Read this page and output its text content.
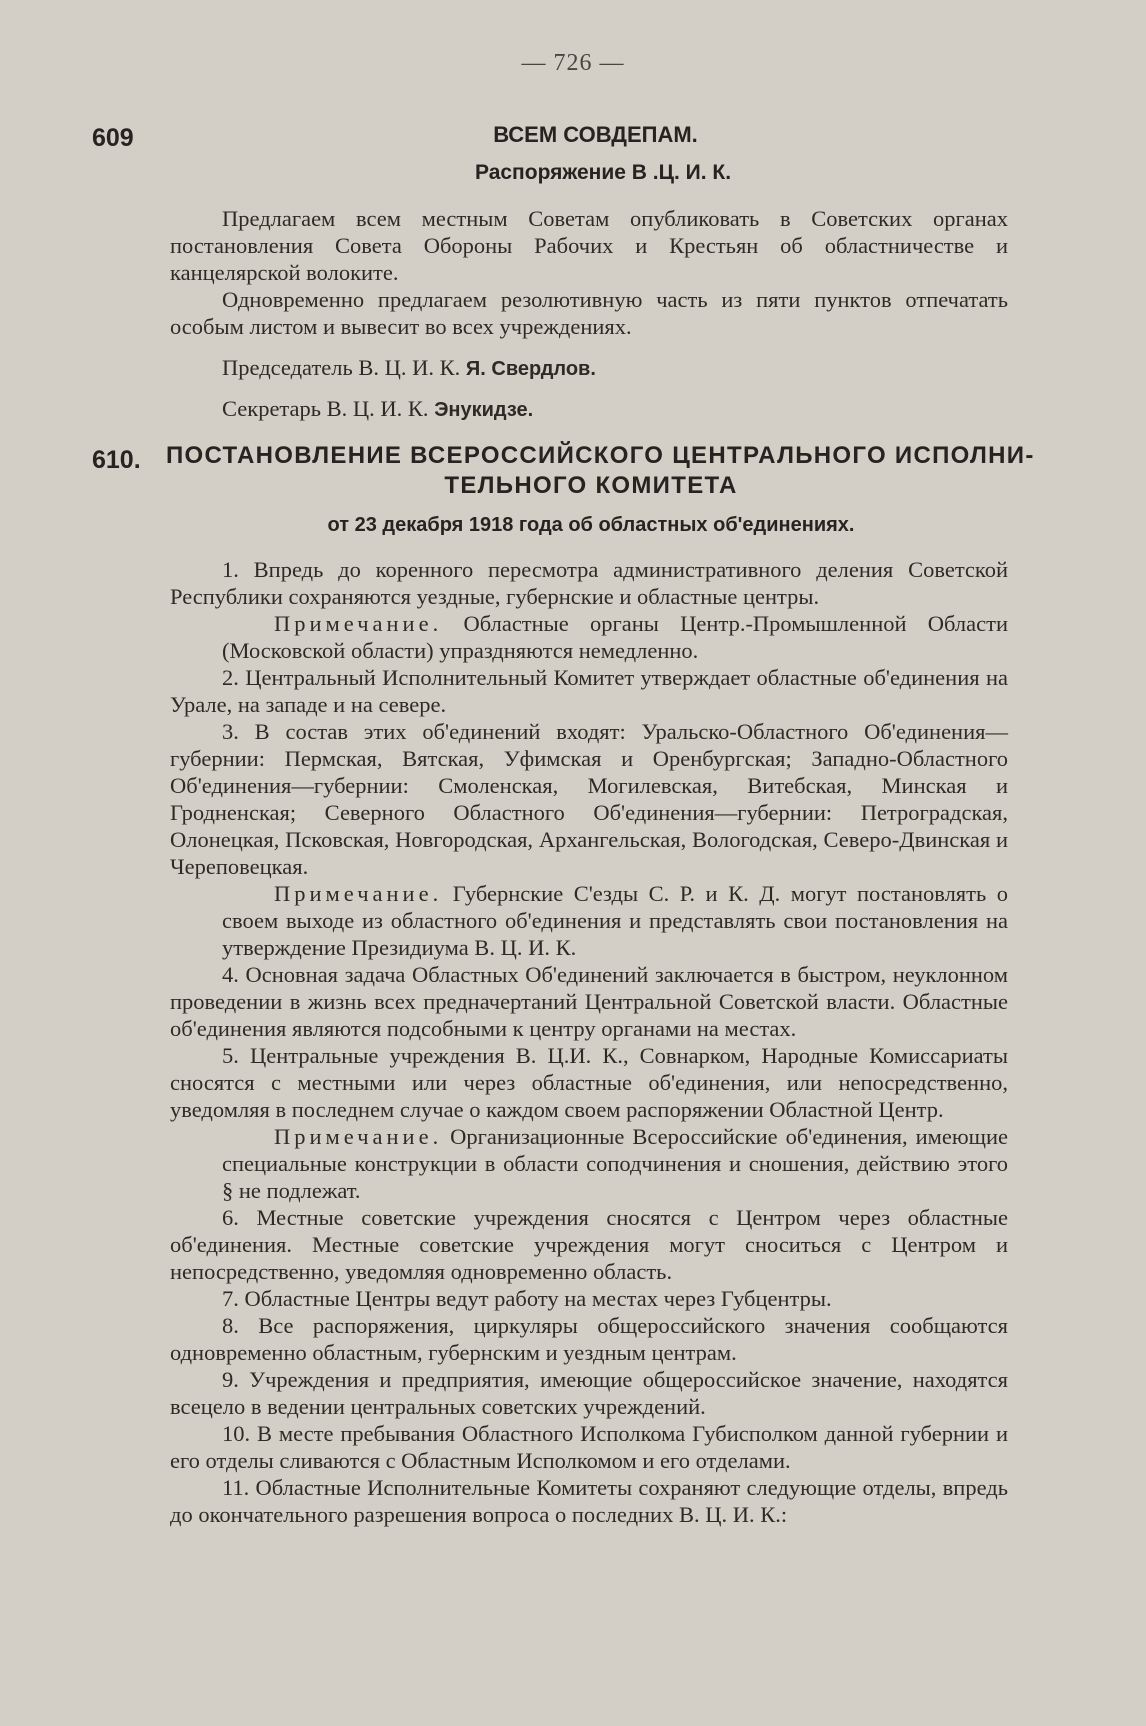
— 726 —
609	ВСЕМ СОВДЕПАМ.
Распоряжение В .Ц. И. К.

Предлагаем всем местным Советам опубликовать в Советских органах постановления Совета Обороны Рабочих и Крестьян об областничестве и канцелярской волоките.

Одновременно предлагаем резолютивную часть из пяти пунктов отпечатать особым листом и вывесит во всех учреждениях.

Председатель В. Ц. И. К. Я. Свердлов.

Секретарь В. Ц. И. К. Энукидзе.

610. ПОСТАНОВЛЕНИЕ ВСЕРОССИЙСКОГО ЦЕНТРАЛЬНОГО ИСПОЛНИ-
ТЕЛЬНОГО КОМИТЕТА
от 23 декабря 1918 года об областных об'единениях.

1. Впредь до коренного пересмотра административного деления Советской Республики сохраняются уездные, губернские и областные центры.

Примечание. Областные органы Центр.-Промышленной Области (Московской области) упраздняются немедленно.

2. Центральный Исполнительный Комитет утверждает областные об'единения на Урале, на западе и на севере.

3. В состав этих об'единений входят: Уральско-Областного Об'единения—губернии: Пермская, Вятская, Уфимская и Оренбургская; Западно-Областного Об'единения—губернии: Смоленская, Могилевская, Витебская, Минская и Гродненская; Северного Областного Об'единения—губернии: Петроградская, Олонецкая, Псковская, Новгородская, Архангельская, Вологодская, Северо-Двинская и Череповецкая.

Примечание. Губернские С'езды С. Р. и К. Д. могут постановлять о своем выходе из областного об'единения и представлять свои постановления на утверждение Президиума В. Ц. И. К.

4. Основная задача Областных Об'единений заключается в быстром, неуклонном проведении в жизнь всех предначертаний Центральной Советской власти. Областные об'единения являются подсобными к центру органами на местах.

5. Центральные учреждения В. Ц.И. К., Совнарком, Народные Комиссариаты сносятся с местными или через областные об'единения, или непосредственно, уведомляя в последнем случае о каждом своем распоряжении Областной Центр.

Примечание. Организационные Всероссийские об'единения, имеющие специальные конструкции в области соподчинения и сношения, действию этого § не подлежат.

6. Местные советские учреждения сносятся с Центром через областные об'единения. Местные советские учреждения могут сноситься с Центром и непосредственно, уведомляя одновременно область.

7. Областные Центры ведут работу на местах через Губцентры.

8. Все распоряжения, циркуляры общероссийского значения сообщаются одновременно областным, губернским и уездным центрам.

9. Учреждения и предприятия, имеющие общероссийское значение, находятся всецело в ведении центральных советских учреждений.

10. В месте пребывания Областного Исполкома Губисполком данной губернии и его отделы сливаются с Областным Исполкомом и его отделами.

11. Областные Исполнительные Комитеты сохраняют следующие отделы, впредь до окончательного разрешения вопроса о последних В. Ц. И. К.:
